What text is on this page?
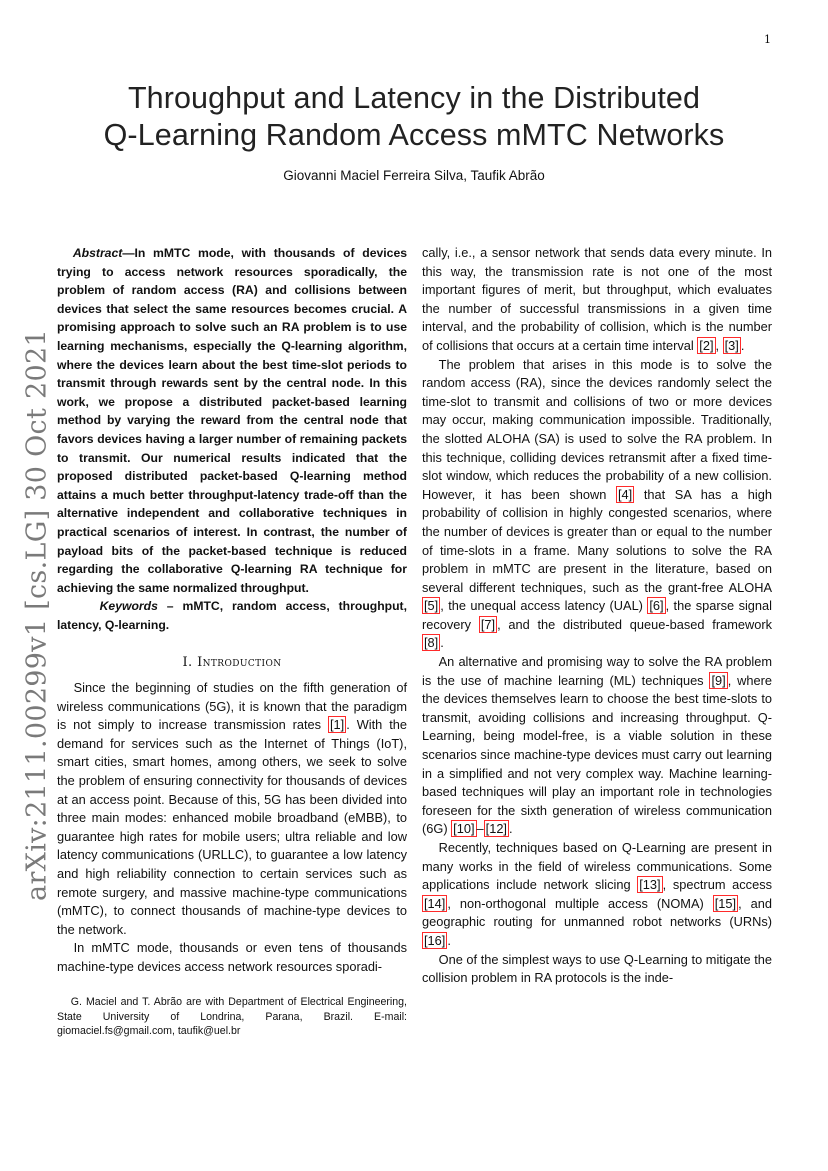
1
Throughput and Latency in the Distributed
Q-Learning Random Access mMTC Networks
Giovanni Maciel Ferreira Silva, Taufik Abrão
arXiv:2111.00299v1 [cs.LG] 30 Oct 2021

Abstract—In mMTC mode, with thousands of devices trying to access network resources sporadically, the problem of random access (RA) and collisions between devices that select the same resources becomes crucial. A promising approach to solve such an RA problem is to use learning mechanisms, especially the Q-learning algorithm, where the devices learn about the best time-slot periods to transmit through rewards sent by the central node. In this work, we propose a distributed packet-based learning method by varying the reward from the central node that favors devices having a larger number of remaining packets to transmit. Our numerical results indicated that the proposed distributed packet-based Q-learning method attains a much better throughput-latency trade-off than the alternative independent and collaborative techniques in practical scenarios of interest. In contrast, the number of payload bits of the packet-based technique is reduced regarding the collaborative Q-learning RA technique for achieving the same normalized throughput.

Keywords – mMTC, random access, throughput, latency, Q-learning.

I. Introduction

Since the beginning of studies on the fifth generation of wireless communications (5G), it is known that the paradigm is not simply to increase transmission rates [1] . With the demand for services such as the Internet of Things (IoT), smart cities, smart homes, among others, we seek to solve the problem of ensuring connectivity for thousands of devices at an access point. Because of this, 5G has been divided into three main modes: enhanced mobile broadband (eMBB), to guarantee high rates for mobile users; ultra reliable and low latency communications (URLLC), to guarantee a low latency and high reliability connection to certain services such as remote surgery, and massive machine-type communications (mMTC), to connect thousands of machine-type devices to the network.

In mMTC mode, thousands or even tens of thousands machine-type devices access network resources sporadi-

G. Maciel and T. Abrão are with Department of Electrical Engineering, State University of Londrina, Parana, Brazil. E-mail: giomaciel.fs@gmail.com, taufik@uel.br

cally, i.e., a sensor network that sends data every minute. In this way, the transmission rate is not one of the most important figures of merit, but throughput, which evaluates the number of successful transmissions in a given time interval, and the probability of collision, which is the number of collisions that occurs at a certain time interval [2] , [3] .

The problem that arises in this mode is to solve the random access (RA), since the devices randomly select the time-slot to transmit and collisions of two or more devices may occur, making communication impossible. Traditionally, the slotted ALOHA (SA) is used to solve the RA problem. In this technique, colliding devices retransmit after a fixed time-slot window, which reduces the probability of a new collision. However, it has been shown [4] that SA has a high probability of collision in highly congested scenarios, where the number of devices is greater than or equal to the number of time-slots in a frame. Many solutions to solve the RA problem in mMTC are present in the literature, based on several different techniques, such as the grant-free ALOHA [5] , the unequal access latency (UAL) [6] , the sparse signal recovery [7] , and the distributed queue-based framework [8] .

An alternative and promising way to solve the RA problem is the use of machine learning (ML) techniques [9] , where the devices themselves learn to choose the best time-slots to transmit, avoiding collisions and increasing throughput. Q-Learning, being model-free, is a viable solution in these scenarios since machine-type devices must carry out learning in a simplified and not very complex way. Machine learning-based techniques will play an important role in technologies foreseen for the sixth generation of wireless communication (6G) [10] – [12] .

Recently, techniques based on Q-Learning are present in many works in the field of wireless communications. Some applications include network slicing [13] , spectrum access [14] , non-orthogonal multiple access (NOMA) [15] , and geographic routing for unmanned robot networks (URNs) [16] .

One of the simplest ways to use Q-Learning to mitigate the collision problem in RA protocols is the inde-
